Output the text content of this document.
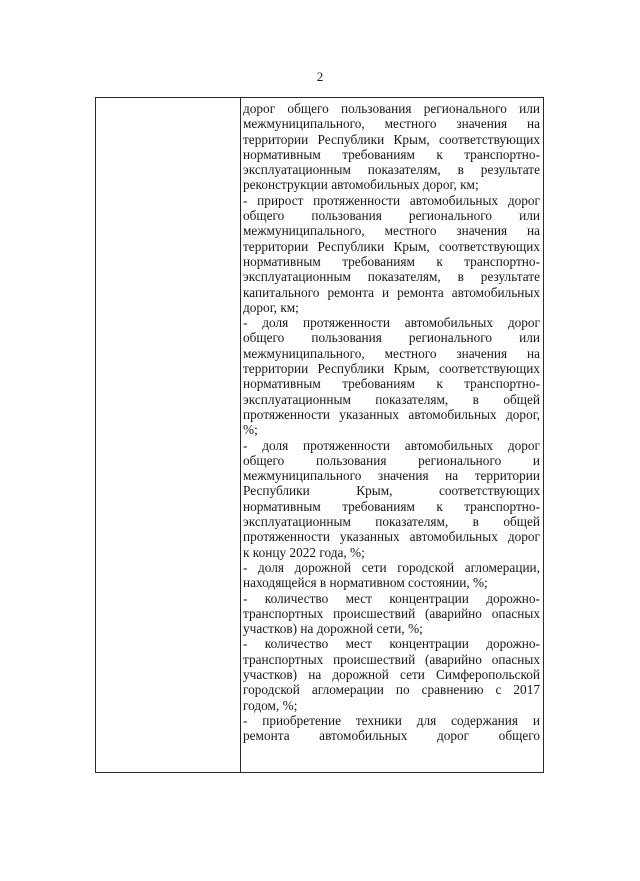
2
дорог общего пользования регионального или
межмуниципального, местного значения на
территории Республики Крым, соответствующих
нормативным требованиям к транспортно-
эксплуатационным показателям, в результате
реконструкции автомобильных дорог, км;
- прирост протяженности автомобильных дорог
общего пользования регионального или
межмуниципального, местного значения на
территории Республики Крым, соответствующих
нормативным требованиям к транспортно-
эксплуатационным показателям, в результате
капитального ремонта и ремонта автомобильных
дорог, км;
- доля протяженности автомобильных дорог
общего пользования регионального или
межмуниципального, местного значения на
территории Республики Крым, соответствующих
нормативным требованиям к транспортно-
эксплуатационным показателям, в общей
протяженности указанных автомобильных дорог,
%;
- доля протяженности автомобильных дорог
общего пользования регионального и
межмуниципального значения на территории
Республики Крым, соответствующих
нормативным требованиям к транспортно-
эксплуатационным показателям, в общей
протяженности указанных автомобильных дорог
к концу 2022 года, %;
- доля дорожной сети городской агломерации,
находящейся в нормативном состоянии, %;
- количество мест концентрации дорожно-
транспортных происшествий (аварийно опасных
участков) на дорожной сети, %;
- количество мест концентрации дорожно-
транспортных происшествий (аварийно опасных
участков) на дорожной сети Симферопольской
городской агломерации по сравнению с 2017
годом, %;
- приобретение техники для содержания и
ремонта автомобильных дорог общего
